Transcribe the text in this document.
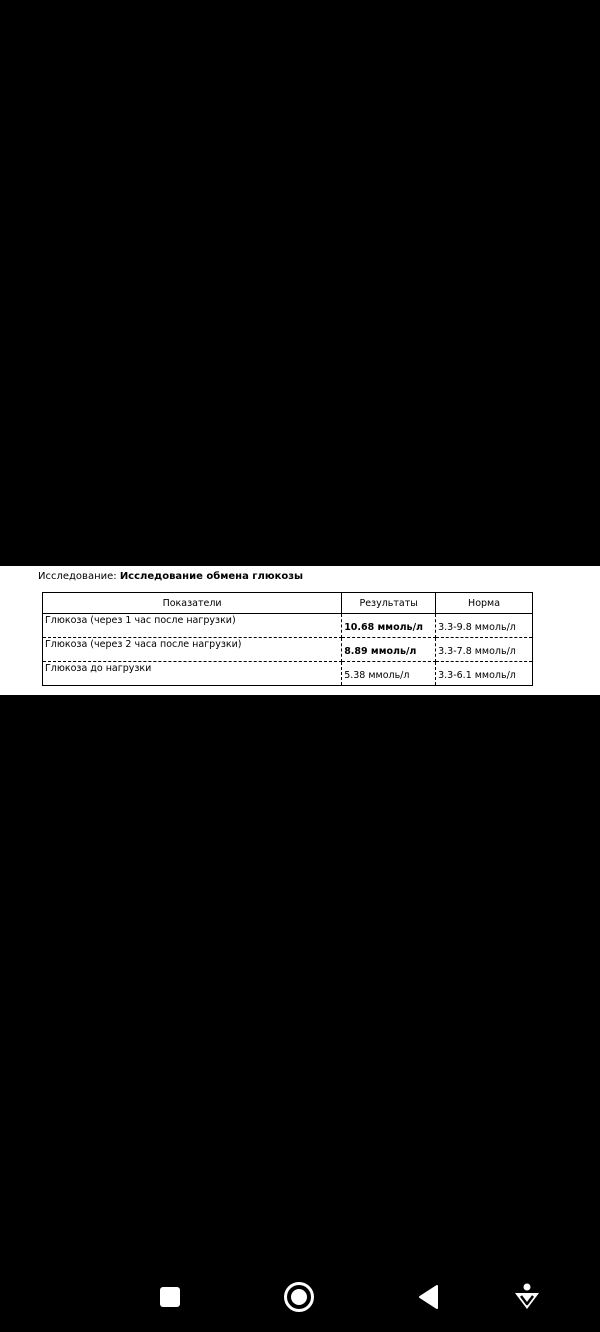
Исследование: Исследование обмена глюкозы
Показатели	Результаты	Норма
Глюкоза (через 1 час после нагрузки)	10.68 ммоль/л	3.3-9.8 ммоль/л
Глюкоза (через 2 часа после нагрузки)	8.89 ммоль/л	3.3-7.8 ммоль/л
Глюкоза до нагрузки	5.38 ммоль/л	3.3-6.1 ммоль/л
